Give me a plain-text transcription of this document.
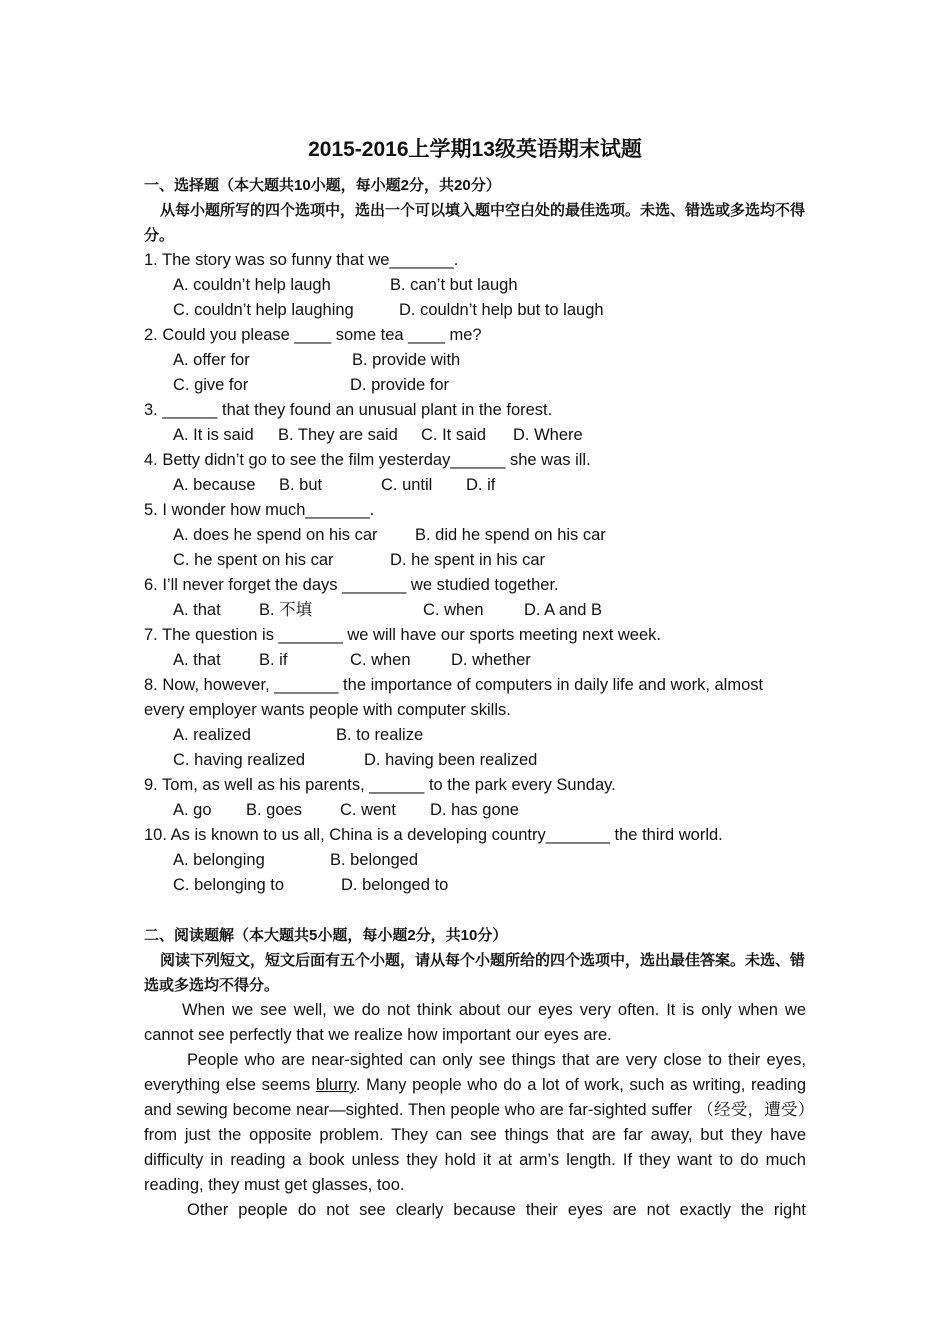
2015-2016上学期13级英语期末试题

一、选择题（本大题共10小题，每小题2分，共20分）

从每小题所写的四个选项中，选出一个可以填入题中空白处的最佳选项。未选、错选或多选均不得分。

1. The story was so funny that we_______.

A. couldn’t help laugh	B. can’t but laugh

C. couldn’t help laughing	D. couldn’t help but to laugh

2. Could you please ____ some tea ____ me?

A. offer for	B. provide with

C. give for	D. provide for

3. ______ that they found an unusual plant in the forest.

A. It is said B. They are said C. It said D. Where

4. Betty didn’t go to see the film yesterday______ she was ill.

A. because B. but	C. until D. if

5. I wonder how much_______.

A. does he spend on his car B. did he spend on his car

C. he spent on his car	D. he spent in his car

6. I’ll never forget the days _______ we studied together.

A. that B. 不填	C. when D. A and B

7. The question is _______ we will have our sports meeting next week.

A. that B. if	C. when D. whether

8. Now, however, _______ the importance of computers in daily life and work, almost every employer wants people with computer skills.

A. realized	B. to realize

C. having realized	D. having been realized

9. Tom, as well as his parents, ______ to the park every Sunday.

A. go B. goes C. went D. has gone

10. As is known to us all, China is a developing country_______ the third world.

A. belonging	B. belonged

C. belonging to	D. belonged to

二、阅读题解（本大题共5小题，每小题2分，共10分）

阅读下列短文，短文后面有五个小题，请从每个小题所给的四个选项中，选出最佳答案。未选、错选或多选均不得分。

When we see well, we do not think about our eyes very often. It is only when we cannot see perfectly that we realize how important our eyes are.

People who are near-sighted can only see things that are very close to their eyes, everything else seems blurry. Many people who do a lot of work, such as writing, reading and sewing become near—sighted. Then people who are far-sighted suffer （经受，遭受）from just the opposite problem. They can see things that are far away, but they have difficulty in reading a book unless they hold it at arm’s length. If they want to do much reading, they must get glasses, too.

Other people do not see clearly because their eyes are not exactly the right
